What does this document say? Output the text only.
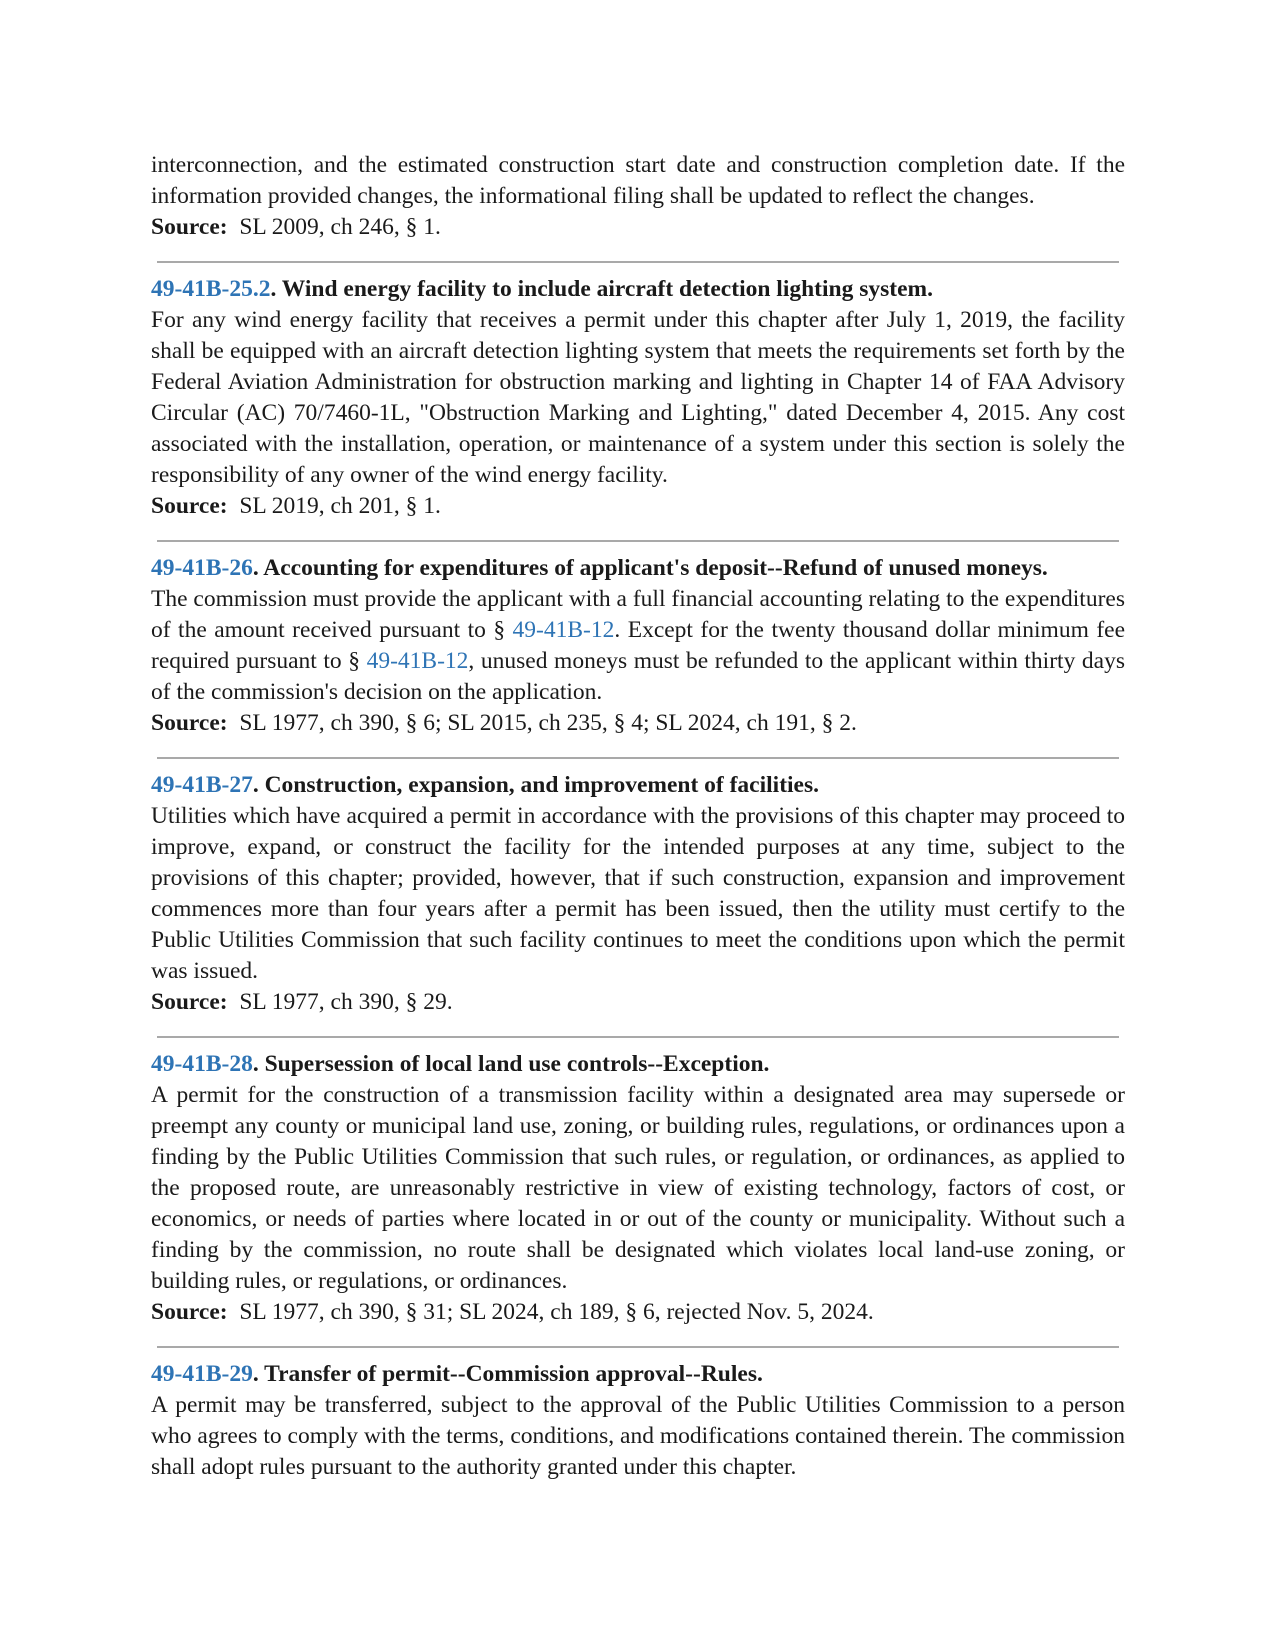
interconnection, and the estimated construction start date and construction completion date. If the information provided changes, the informational filing shall be updated to reflect the changes.

Source: SL 2009, ch 246, § 1.

49-41B-25.2. Wind energy facility to include aircraft detection lighting system.

For any wind energy facility that receives a permit under this chapter after July 1, 2019, the facility shall be equipped with an aircraft detection lighting system that meets the requirements set forth by the Federal Aviation Administration for obstruction marking and lighting in Chapter 14 of FAA Advisory Circular (AC) 70/7460-1L, "Obstruction Marking and Lighting," dated December 4, 2015. Any cost associated with the installation, operation, or maintenance of a system under this section is solely the responsibility of any owner of the wind energy facility.

Source: SL 2019, ch 201, § 1.

49-41B-26. Accounting for expenditures of applicant's deposit--Refund of unused moneys.

The commission must provide the applicant with a full financial accounting relating to the expenditures of the amount received pursuant to § 49-41B-12. Except for the twenty thousand dollar minimum fee required pursuant to § 49-41B-12, unused moneys must be refunded to the applicant within thirty days of the commission's decision on the application.

Source: SL 1977, ch 390, § 6; SL 2015, ch 235, § 4; SL 2024, ch 191, § 2.

49-41B-27. Construction, expansion, and improvement of facilities.

Utilities which have acquired a permit in accordance with the provisions of this chapter may proceed to improve, expand, or construct the facility for the intended purposes at any time, subject to the provisions of this chapter; provided, however, that if such construction, expansion and improvement commences more than four years after a permit has been issued, then the utility must certify to the Public Utilities Commission that such facility continues to meet the conditions upon which the permit was issued.

Source: SL 1977, ch 390, § 29.

49-41B-28. Supersession of local land use controls--Exception.

A permit for the construction of a transmission facility within a designated area may supersede or preempt any county or municipal land use, zoning, or building rules, regulations, or ordinances upon a finding by the Public Utilities Commission that such rules, or regulation, or ordinances, as applied to the proposed route, are unreasonably restrictive in view of existing technology, factors of cost, or economics, or needs of parties where located in or out of the county or municipality. Without such a finding by the commission, no route shall be designated which violates local land-use zoning, or building rules, or regulations, or ordinances.

Source: SL 1977, ch 390, § 31; SL 2024, ch 189, § 6, rejected Nov. 5, 2024.

49-41B-29. Transfer of permit--Commission approval--Rules.

A permit may be transferred, subject to the approval of the Public Utilities Commission to a person who agrees to comply with the terms, conditions, and modifications contained therein. The commission shall adopt rules pursuant to the authority granted under this chapter.
